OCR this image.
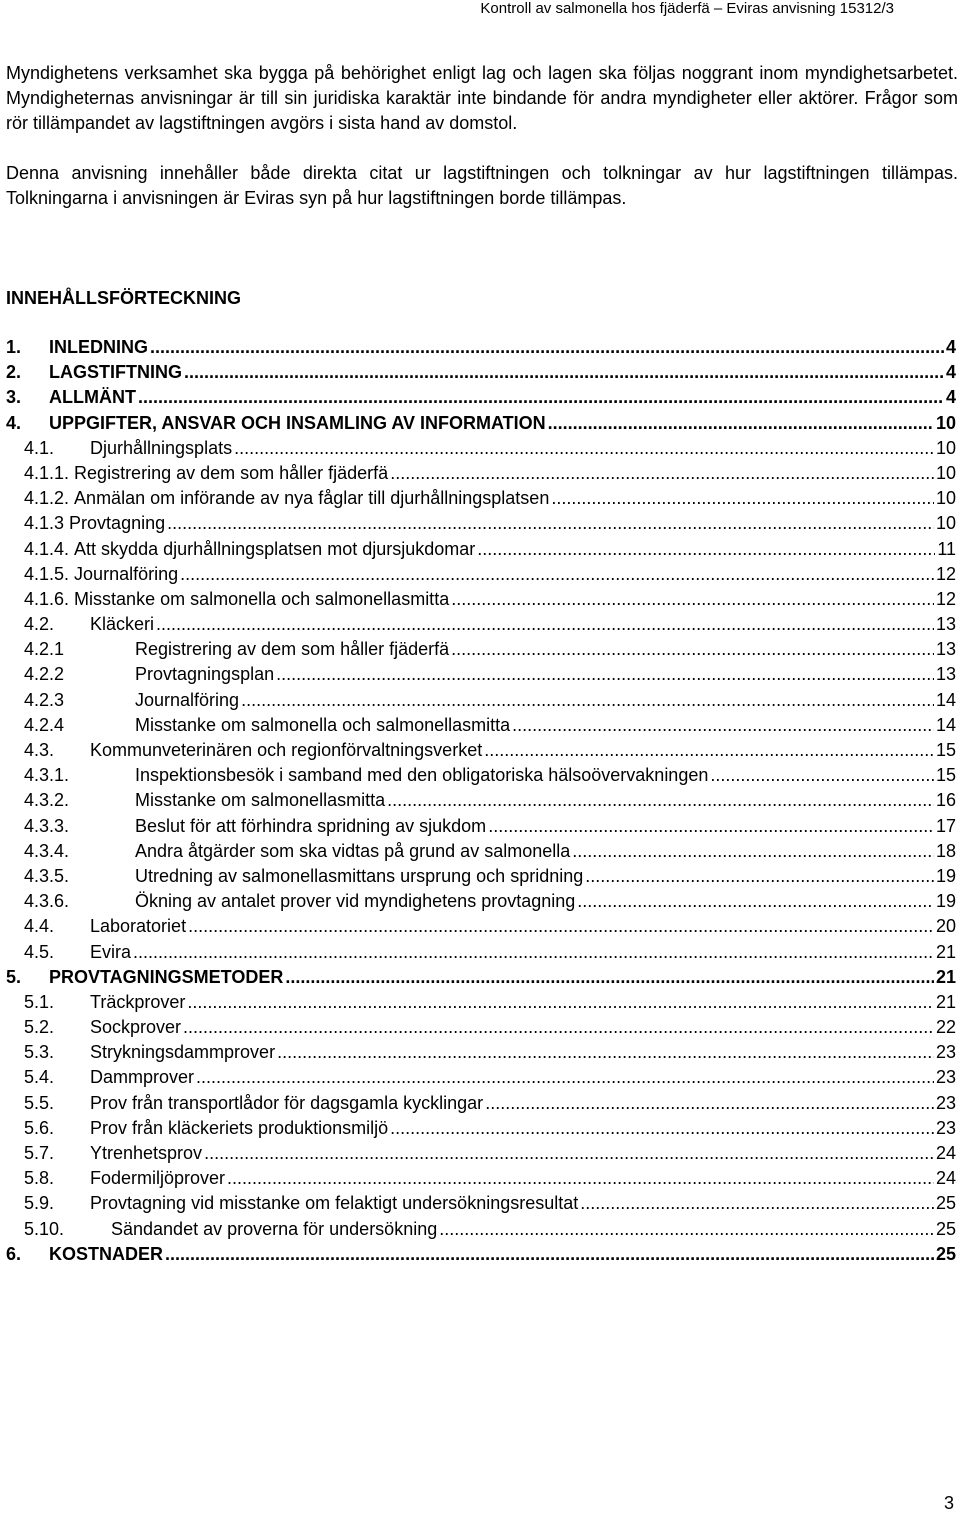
Kontroll av salmonella hos fjäderfä – Eviras anvisning 15312/3

Myndighetens verksamhet ska bygga på behörighet enligt lag och lagen ska följas noggrant inom myndighetsarbetet. Myndigheternas anvisningar är till sin juridiska karaktär inte bindande för andra myndigheter eller aktörer. Frågor som rör tillämpandet av lagstiftningen avgörs i sista hand av domstol.

Denna anvisning innehåller både direkta citat ur lagstiftningen och tolkningar av hur lagstiftningen tillämpas. Tolkningarna i anvisningen är Eviras syn på hur lagstiftningen borde tillämpas.

INNEHÅLLSFÖRTECKNING
1.	INLEDNING .....	4
2.	LAGSTIFTNING .....	4
3.	ALLMÄNT .....	4
4.	UPPGIFTER, ANSVAR OCH INSAMLING AV INFORMATION .....	10
4.1.	Djurhållningsplats .....	10
4.1.1. Registrering av dem som håller fjäderfä .....	10
4.1.2. Anmälan om införande av nya fåglar till djurhållningsplatsen .....	10
4.1.3 Provtagning .....	10
4.1.4. Att skydda djurhållningsplatsen mot djursjukdomar .....	11
4.1.5. Journalföring .....	12
4.1.6. Misstanke om salmonella och salmonellasmitta .....	12
4.2.	Kläckeri .....	13
4.2.1	Registrering av dem som håller fjäderfä .....	13
4.2.2	Provtagningsplan .....	13
4.2.3	Journalföring .....	14
4.2.4	Misstanke om salmonella och salmonellasmitta .....	14
4.3.	Kommunveterinären och regionförvaltningsverket .....	15
4.3.1.	Inspektionsbesök i samband med den obligatoriska hälsoövervakningen .....	15
4.3.2.	Misstanke om salmonellasmitta .....	16
4.3.3.	Beslut för att förhindra spridning av sjukdom .....	17
4.3.4.	Andra åtgärder som ska vidtas på grund av salmonella .....	18
4.3.5.	Utredning av salmonellasmittans ursprung och spridning .....	19
4.3.6.	Ökning av antalet prover vid myndighetens provtagning .....	19
4.4.	Laboratoriet .....	20
4.5.	Evira .....	21
5.	PROVTAGNINGSMETODER .....	21
5.1.	Träckprover .....	21
5.2.	Sockprover .....	22
5.3.	Strykningsdammprover .....	23
5.4.	Dammprover .....	23
5.5.	Prov från transportlådor för dagsgamla kycklingar .....	23
5.6.	Prov från kläckeriets produktionsmiljö .....	23
5.7.	Ytrenhetsprov .....	24
5.8.	Fodermiljöprover .....	24
5.9.	Provtagning vid misstanke om felaktigt undersökningsresultat .....	25
5.10.	Sändandet av proverna för undersökning .....	25
6.	KOSTNADER .....	25
3
